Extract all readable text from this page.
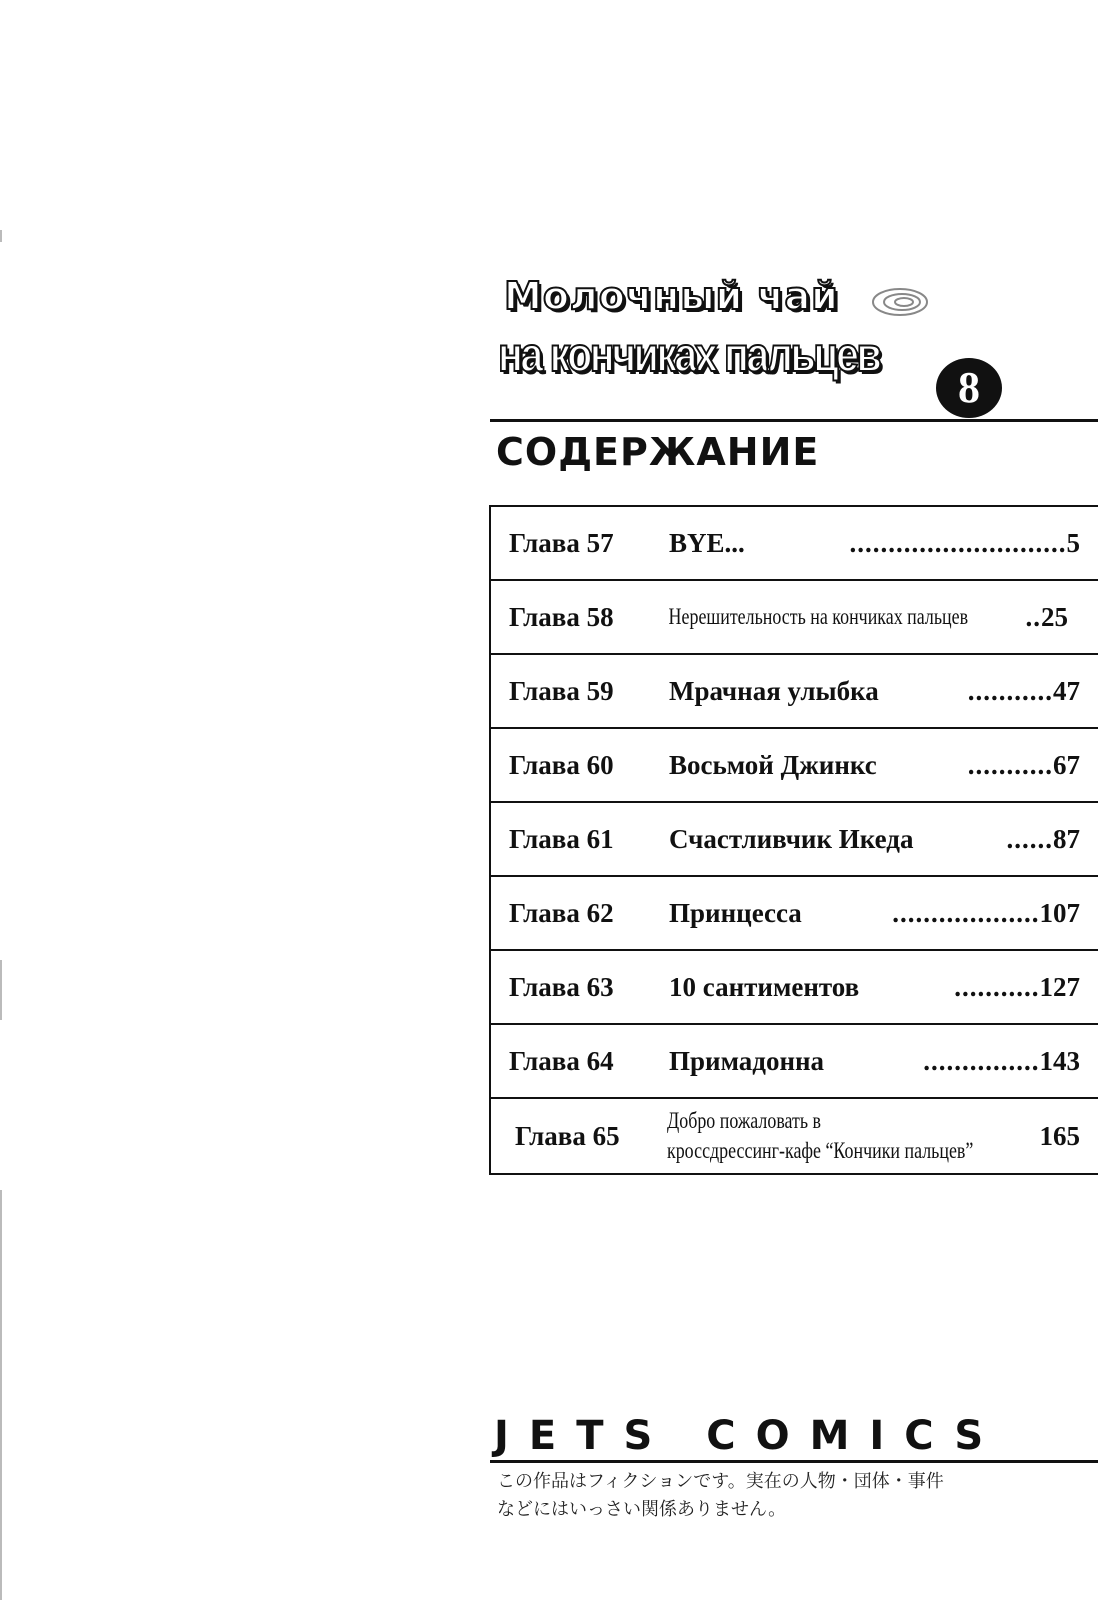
Молочный чай
на кончиках пальцев
8
СОДЕРЖАНИЕ
Глава 57	BYE...	............................ 5
Глава 58	Нерешительность на кончиках пальцев	.. 25
Глава 59	Мрачная улыбка	........... 47
Глава 60	Восьмой Джинкс	........... 67
Глава 61	Счастливчик Икеда	...... 87
Глава 62	Принцесса	................... 107
Глава 63	10 сантиментов	........... 127
Глава 64	Примадонна	............... 143
Глава 65	Добро пожаловать в
кроссдрессинг-кафе “Кончики пальцев”	165
JETS COMICS
この作品はフィクションです。実在の人物・団体・事件
などにはいっさい関係ありません。
